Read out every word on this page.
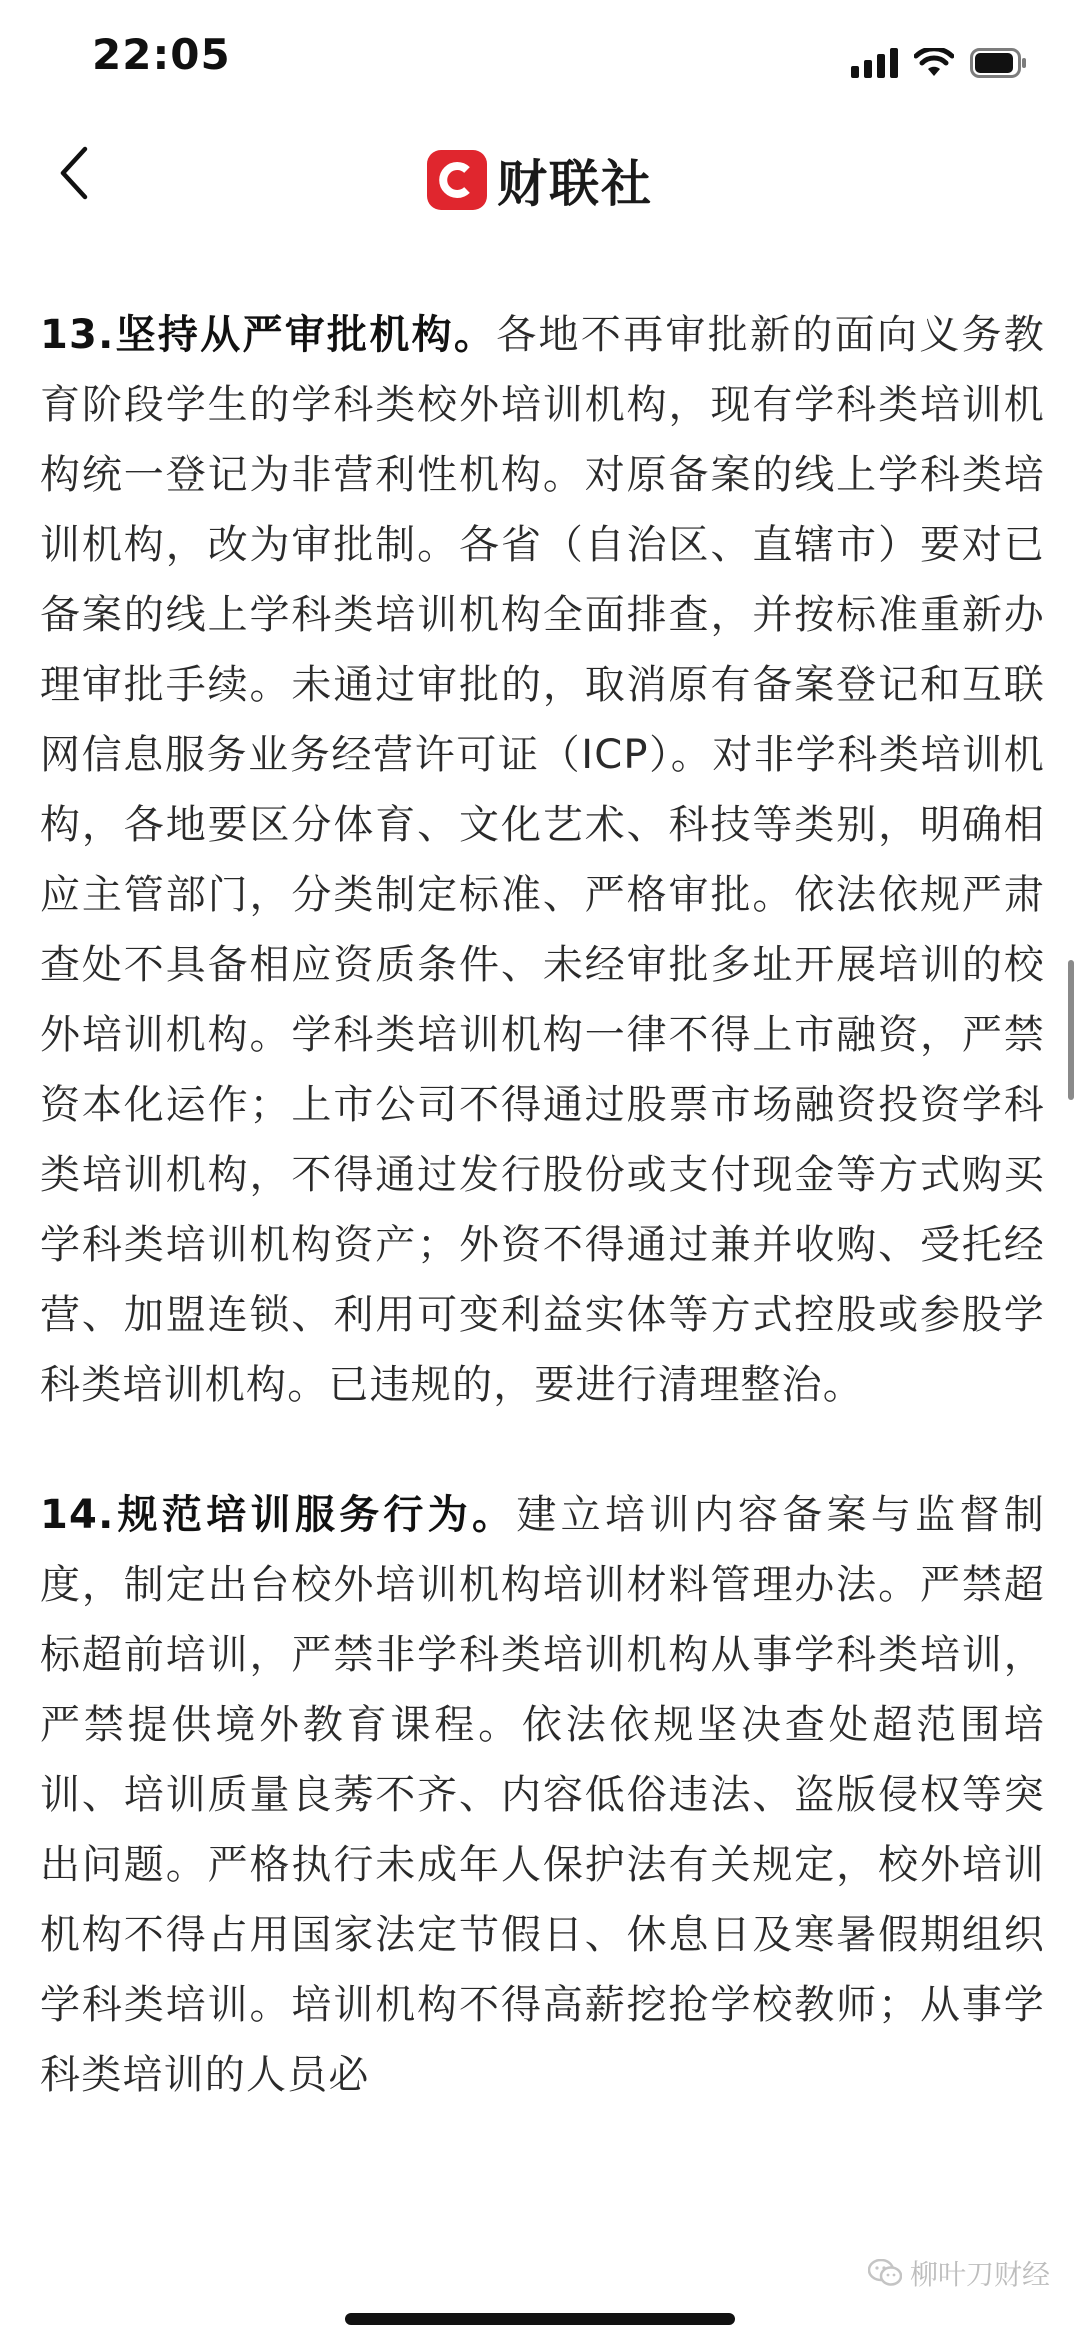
22:05
财联社

13.坚持从严审批机构。各地不再审批新的面向义务教育阶段学生的学科类校外培训机构，现有学科类培训机构统一登记为非营利性机构。对原备案的线上学科类培训机构，改为审批制。各省（自治区、直辖市）要对已备案的线上学科类培训机构全面排查，并按标准重新办理审批手续。未通过审批的，取消原有备案登记和互联网信息服务业务经营许可证（ICP）。对非学科类培训机构，各地要区分体育、文化艺术、科技等类别，明确相应主管部门，分类制定标准、严格审批。依法依规严肃查处不具备相应资质条件、未经审批多址开展培训的校外培训机构。学科类培训机构一律不得上市融资，严禁资本化运作；上市公司不得通过股票市场融资投资学科类培训机构，不得通过发行股份或支付现金等方式购买学科类培训机构资产；外资不得通过兼并收购、受托经营、加盟连锁、利用可变利益实体等方式控股或参股学科类培训机构。已违规的，要进行清理整治。

14.规范培训服务行为。建立培训内容备案与监督制度，制定出台校外培训机构培训材料管理办法。严禁超标超前培训，严禁非学科类培训机构从事学科类培训，严禁提供境外教育课程。依法依规坚决查处超范围培训、培训质量良莠不齐、内容低俗违法、盗版侵权等突出问题。严格执行未成年人保护法有关规定，校外培训机构不得占用国家法定节假日、休息日及寒暑假期组织学科类培训。培训机构不得高薪挖抢学校教师；从事学科类培训的人员必

柳叶刀财经
